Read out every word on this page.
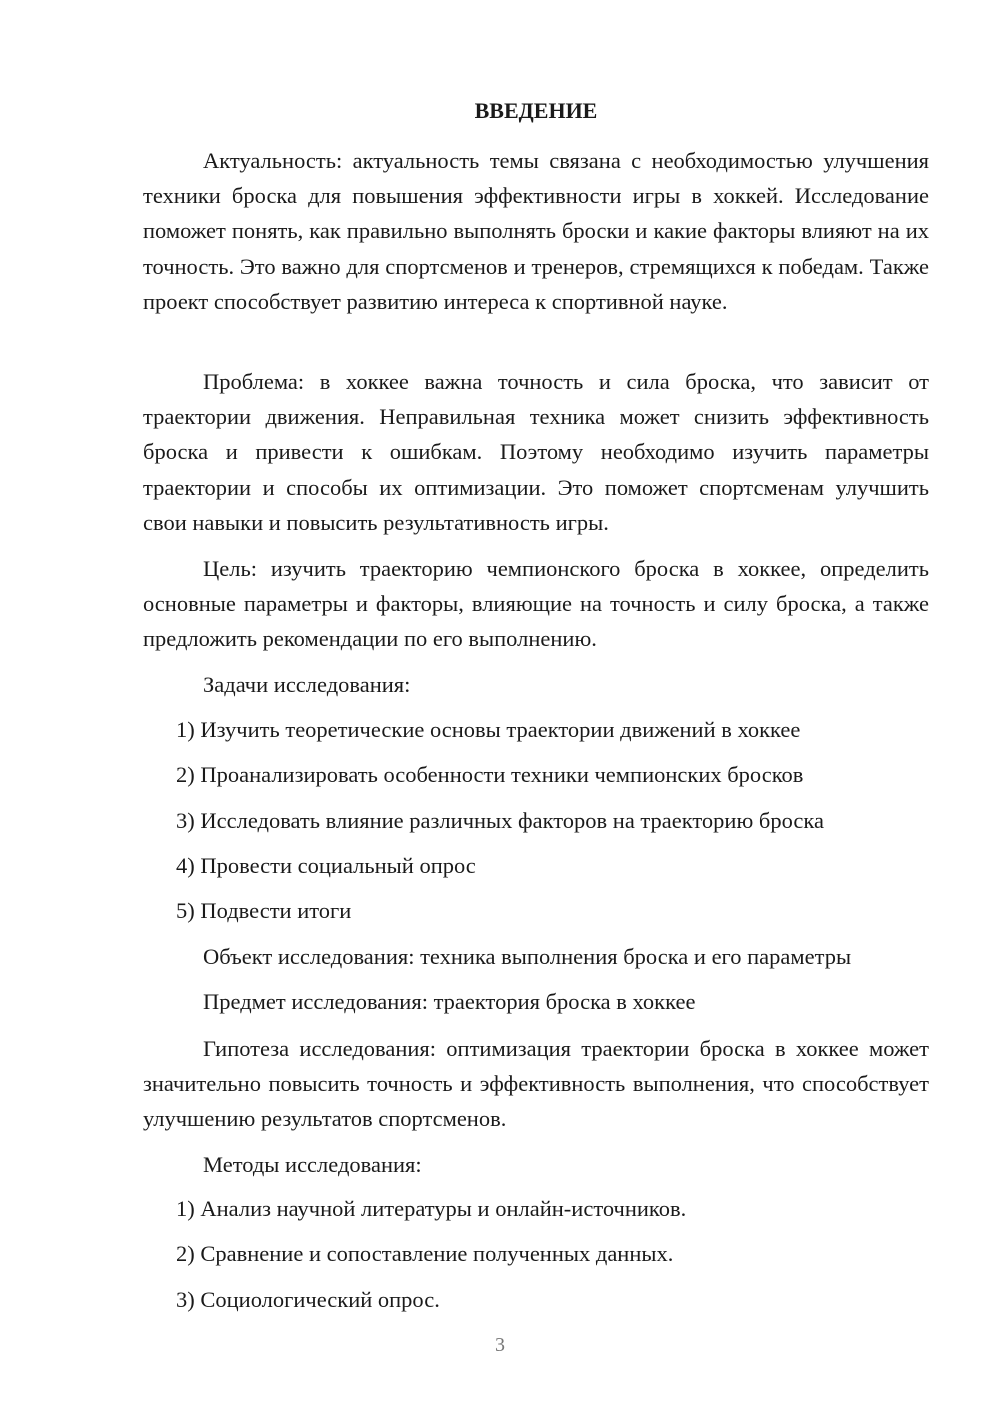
ВВЕДЕНИЕ
Актуальность: актуальность темы связана с необходимостью улучшения техники броска для повышения эффективности игры в хоккей. Исследование поможет понять, как правильно выполнять броски и какие факторы влияют на их точность. Это важно для спортсменов и тренеров, стремящихся к победам. Также проект способствует развитию интереса к спортивной науке.
Проблема: в хоккее важна точность и сила броска, что зависит от траектории движения. Неправильная техника может снизить эффективность броска и привести к ошибкам. Поэтому необходимо изучить параметры траектории и способы их оптимизации. Это поможет спортсменам улучшить свои навыки и повысить результативность игры.
Цель: изучить траекторию чемпионского броска в хоккее, определить основные параметры и факторы, влияющие на точность и силу броска, а также предложить рекомендации по его выполнению.
Задачи исследования:
1) Изучить теоретические основы траектории движений в хоккее
2) Проанализировать особенности техники чемпионских бросков
3) Исследовать влияние различных факторов на траекторию броска
4) Провести социальный опрос
5) Подвести итоги
Объект исследования: техника выполнения броска и его параметры
Предмет исследования: траектория броска в хоккее
Гипотеза исследования: оптимизация траектории броска в хоккее может значительно повысить точность и эффективность выполнения, что способствует улучшению результатов спортсменов.
Методы исследования:
1) Анализ научной литературы и онлайн-источников.
2) Сравнение и сопоставление полученных данных.
3) Социологический опрос.
3
